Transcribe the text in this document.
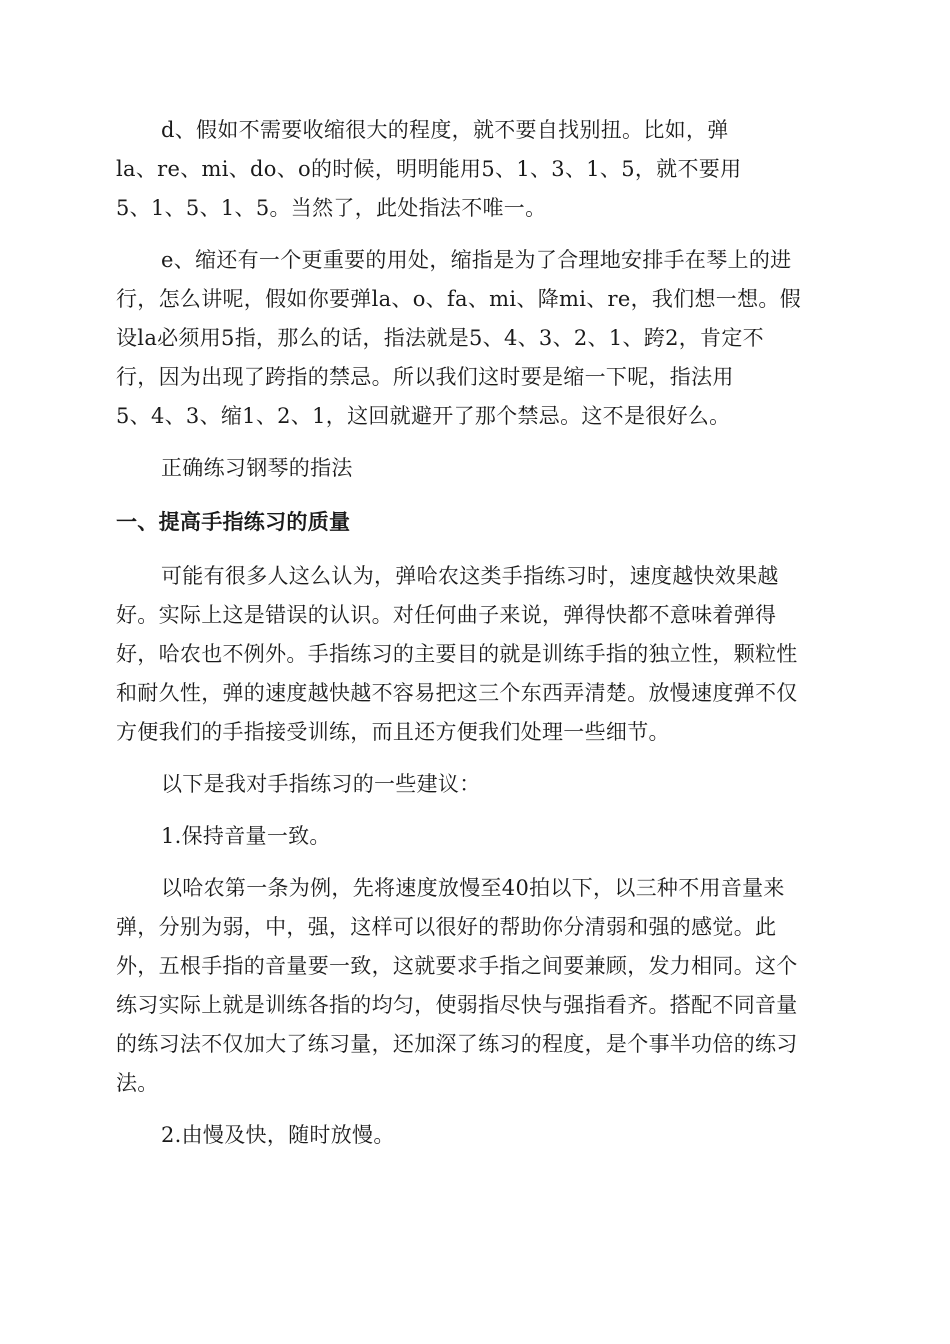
d、假如不需要收缩很大的程度，就不要自找别扭。比如，弹
la、re、mi、do、o的时候，明明能用5、1、3、1、5，就不要用
5、1、5、1、5。当然了，此处指法不唯一。
e、缩还有一个更重要的用处，缩指是为了合理地安排手在琴上的进
行，怎么讲呢，假如你要弹la、o、fa、mi、降mi、re，我们想一想。假
设la必须用5指，那么的话，指法就是5、4、3、2、1、跨2，肯定不
行，因为出现了跨指的禁忌。所以我们这时要是缩一下呢，指法用
5、4、3、缩1、2、1，这回就避开了那个禁忌。这不是很好么。
正确练习钢琴的指法
一、提高手指练习的质量
可能有很多人这么认为，弹哈农这类手指练习时，速度越快效果越
好。实际上这是错误的认识。对任何曲子来说，弹得快都不意味着弹得
好，哈农也不例外。手指练习的主要目的就是训练手指的独立性，颗粒性
和耐久性，弹的速度越快越不容易把这三个东西弄清楚。放慢速度弹不仅
方便我们的手指接受训练，而且还方便我们处理一些细节。
以下是我对手指练习的一些建议：
1.保持音量一致。
以哈农第一条为例，先将速度放慢至40拍以下，以三种不用音量来
弹，分别为弱，中，强，这样可以很好的帮助你分清弱和强的感觉。此
外，五根手指的音量要一致，这就要求手指之间要兼顾，发力相同。这个
练习实际上就是训练各指的均匀，使弱指尽快与强指看齐。搭配不同音量
的练习法不仅加大了练习量，还加深了练习的程度，是个事半功倍的练习
法。
2.由慢及快，随时放慢。
